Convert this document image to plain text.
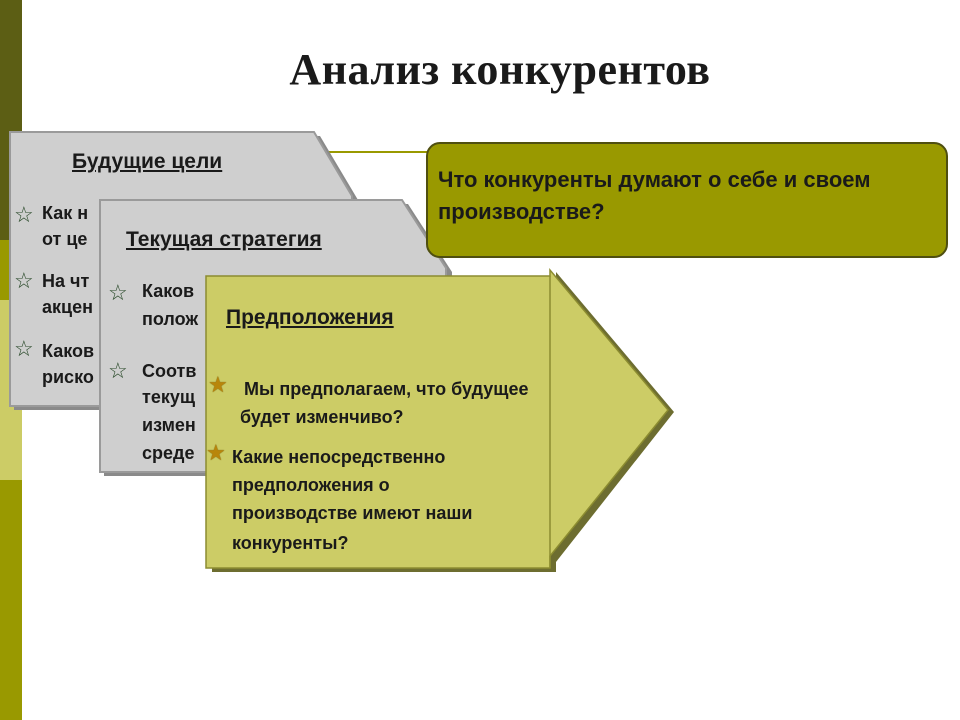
Анализ конкурентов
Будущие цели
☆ Как н
от це
☆ На чт
акцен
☆ Каков
риско
Текущая стратегия
☆ Каков
полож
☆ Соотв
текущ
измен
среде
Предположения
★ Мы предполагаем, что будущее
будет изменчиво?
★ Какие непосредственно
предположения о
производстве имеют наши
конкуренты?
Что конкуренты думают о себе и своем производстве?
